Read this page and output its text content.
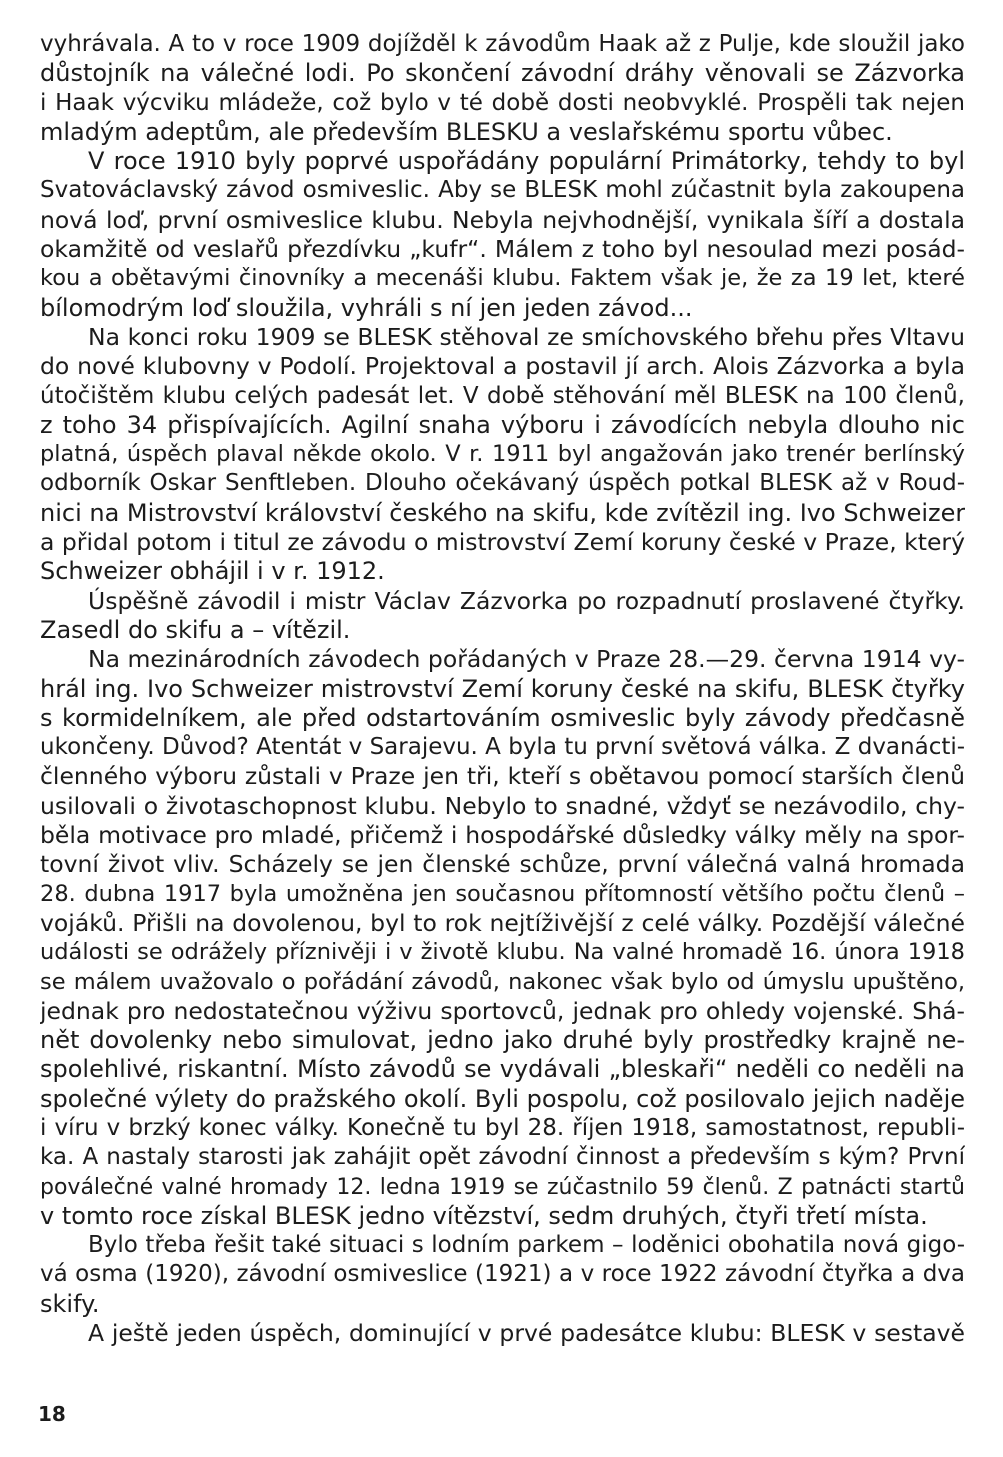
vyhrávala. A to v roce 1909 dojížděl k závodům Haak až z Pulje, kde sloužil jako
důstojník na válečné lodi. Po skončení závodní dráhy věnovali se Zázvorka
i Haak výcviku mládeže, což bylo v té době dosti neobvyklé. Prospěli tak nejen
mladým adeptům, ale především BLESKU a veslařskému sportu vůbec.
V roce 1910 byly poprvé uspořádány populární Primátorky, tehdy to byl
Svatováclavský závod osmiveslic. Aby se BLESK mohl zúčastnit byla zakoupena
nová loď, první osmiveslice klubu. Nebyla nejvhodnější, vynikala šíří a dostala
okamžitě od veslařů přezdívku „kufr“. Málem z toho byl nesoulad mezi posád-
kou a obětavými činovníky a mecenáši klubu. Faktem však je, že za 19 let, které
bílomodrým loď sloužila, vyhráli s ní jen jeden závod...
Na konci roku 1909 se BLESK stěhoval ze smíchovského břehu přes Vltavu
do nové klubovny v Podolí. Projektoval a postavil jí arch. Alois Zázvorka a byla
útočištěm klubu celých padesát let. V době stěhování měl BLESK na 100 členů,
z toho 34 přispívajících. Agilní snaha výboru i závodících nebyla dlouho nic
platná, úspěch plaval někde okolo. V r. 1911 byl angažován jako trenér berlínský
odborník Oskar Senftleben. Dlouho očekávaný úspěch potkal BLESK až v Roud-
nici na Mistrovství království českého na skifu, kde zvítězil ing. Ivo Schweizer
a přidal potom i titul ze závodu o mistrovství Zemí koruny české v Praze, který
Schweizer obhájil i v r. 1912.
Úspěšně závodil i mistr Václav Zázvorka po rozpadnutí proslavené čtyřky.
Zasedl do skifu a – vítězil.
Na mezinárodních závodech pořádaných v Praze 28.—29. června 1914 vy-
hrál ing. Ivo Schweizer mistrovství Zemí koruny české na skifu, BLESK čtyřky
s kormidelníkem, ale před odstartováním osmiveslic byly závody předčasně
ukončeny. Důvod? Atentát v Sarajevu. A byla tu první světová válka. Z dvanácti-
členného výboru zůstali v Praze jen tři, kteří s obětavou pomocí starších členů
usilovali o životaschopnost klubu. Nebylo to snadné, vždyť se nezávodilo, chy-
běla motivace pro mladé, přičemž i hospodářské důsledky války měly na spor-
tovní život vliv. Scházely se jen členské schůze, první válečná valná hromada
28. dubna 1917 byla umožněna jen současnou přítomností většího počtu členů –
vojáků. Přišli na dovolenou, byl to rok nejtíživější z celé války. Pozdější válečné
události se odrážely příznivěji i v životě klubu. Na valné hromadě 16. února 1918
se málem uvažovalo o pořádání závodů, nakonec však bylo od úmyslu upuštěno,
jednak pro nedostatečnou výživu sportovců, jednak pro ohledy vojenské. Shá-
nět dovolenky nebo simulovat, jedno jako druhé byly prostředky krajně ne-
spolehlivé, riskantní. Místo závodů se vydávali „bleskaři“ neděli co neděli na
společné výlety do pražského okolí. Byli pospolu, což posilovalo jejich naděje
i víru v brzký konec války. Konečně tu byl 28. říjen 1918, samostatnost, republi-
ka. A nastaly starosti jak zahájit opět závodní činnost a především s kým? První
poválečné valné hromady 12. ledna 1919 se zúčastnilo 59 členů. Z patnácti startů
v tomto roce získal BLESK jedno vítězství, sedm druhých, čtyři třetí místa.
Bylo třeba řešit také situaci s lodním parkem – loděnici obohatila nová gigo-
vá osma (1920), závodní osmiveslice (1921) a v roce 1922 závodní čtyřka a dva
skify.
A ještě jeden úspěch, dominující v prvé padesátce klubu: BLESK v sestavě
18
